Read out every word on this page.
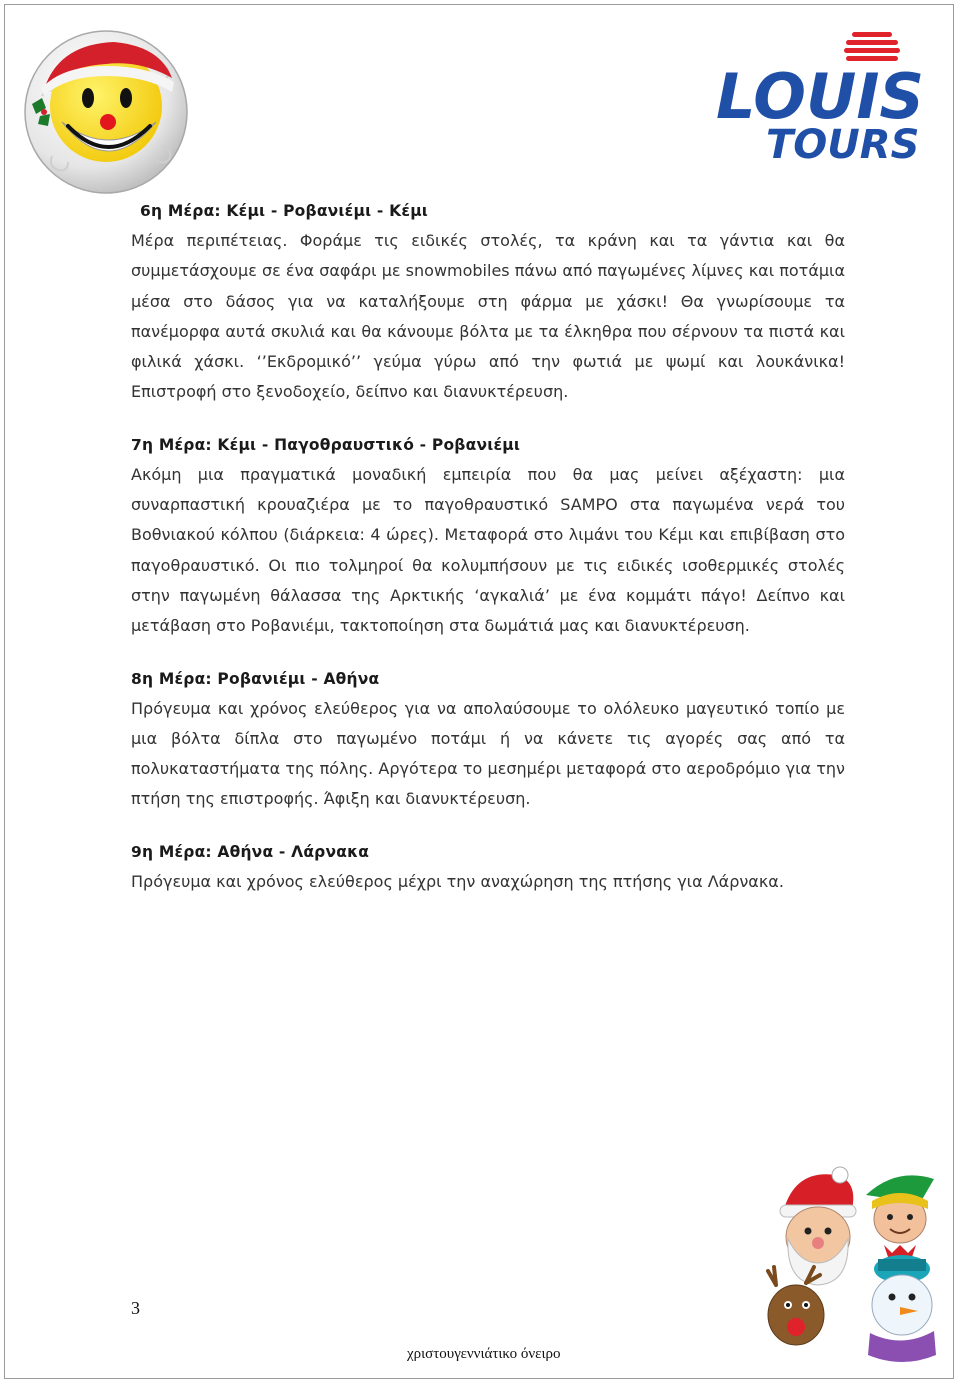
LOUIS
TOURS

6η Μέρα: Κέμι - Ροβανιέμι - Κέμι

Μέρα περιπέτειας. Φοράμε τις ειδικές στολές, τα κράνη και τα γάντια και θα συμμετάσχουμε σε ένα σαφάρι με snowmobiles πάνω από παγωμένες λίμνες και ποτάμια μέσα στο δάσος για να καταλήξουμε στη φάρμα με χάσκι! Θα γνωρίσουμε τα πανέμορφα αυτά σκυλιά και θα κάνουμε βόλτα με τα έλκηθρα που σέρνουν τα πιστά και φιλικά χάσκι. ‘’Εκδρομικό’’ γεύμα γύρω από την φωτιά με ψωμί και λουκάνικα! Επιστροφή στο ξενοδοχείο, δείπνο και διανυκτέρευση.

7η Μέρα: Κέμι - Παγοθραυστικό - Ροβανιέμι

Ακόμη μια πραγματικά μοναδική εμπειρία που θα μας μείνει αξέχαστη: μια συναρπαστική κρουαζιέρα με το παγοθραυστικό SAMPO στα παγωμένα νερά του Βοθνιακού κόλπου (διάρκεια: 4 ώρες). Μεταφορά στο λιμάνι του Κέμι και επιβίβαση στο παγοθραυστικό. Οι πιο τολμηροί θα κολυμπήσουν με τις ειδικές ισοθερμικές στολές στην παγωμένη θάλασσα της Αρκτικής ‘αγκαλιά’ με ένα κομμάτι πάγο! Δείπνο και μετάβαση στο Ροβανιέμι, τακτοποίηση στα δωμάτιά μας και διανυκτέρευση.

8η Μέρα: Ροβανιέμι - Αθήνα

Πρόγευμα και χρόνος ελεύθερος για να απολαύσουμε το ολόλευκο μαγευτικό τοπίο με μια βόλτα δίπλα στο παγωμένο ποτάμι ή να κάνετε τις αγορές σας από τα πολυκαταστήματα της πόλης. Αργότερα το μεσημέρι μεταφορά στο αεροδρόμιο για την πτήση της επιστροφής. Άφιξη και διανυκτέρευση.

9η Μέρα: Αθήνα - Λάρνακα

Πρόγευμα και χρόνος ελεύθερος μέχρι την αναχώρηση της πτήσης για Λάρνακα.

3
χριστουγεννιάτικο όνειρο
